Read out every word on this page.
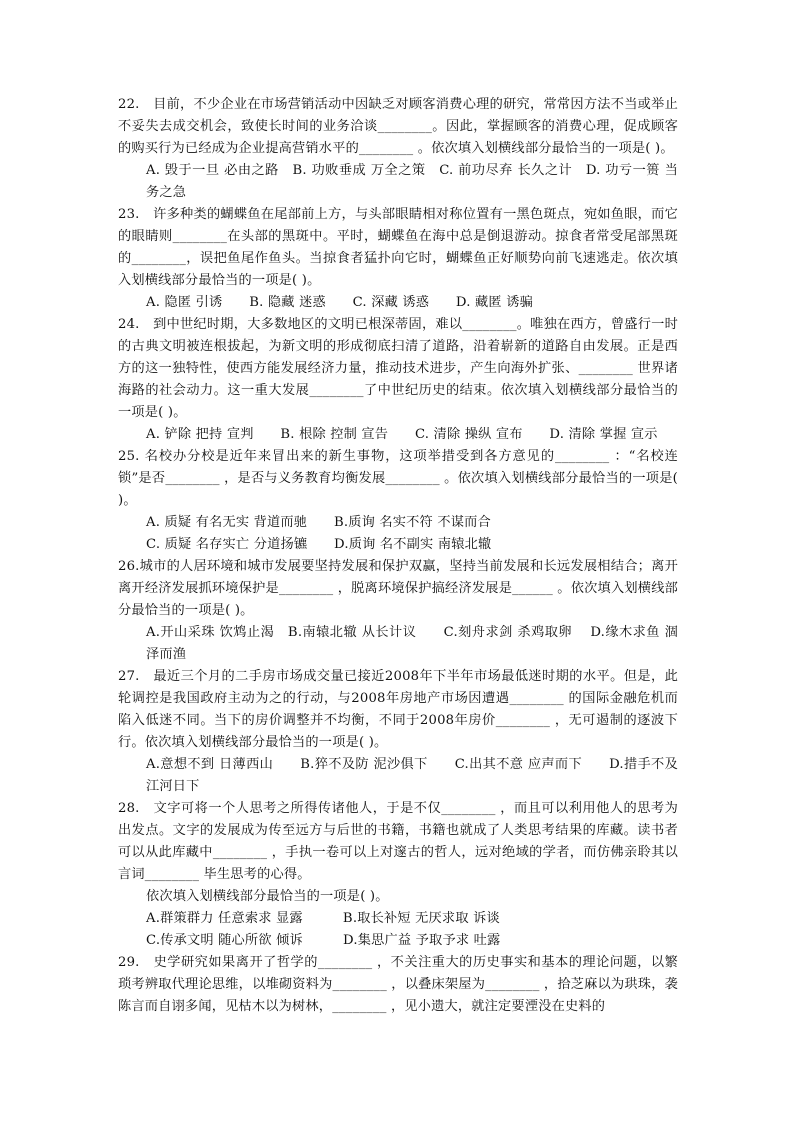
22.　目前，不少企业在市场营销活动中因缺乏对顾客消费心理的研究，常常因方法不当或举止不妥失去成交机会，致使长时间的业务洽谈________。因此，掌握顾客的消费心理，促成顾客的购买行为已经成为企业提高营销水平的________ 。依次填入划横线部分最恰当的一项是( )。

A. 毁于一旦 必由之路　B. 功败垂成 万全之策　C. 前功尽弃 长久之计　D. 功亏一篑 当务之急

23.　许多种类的蝴蝶鱼在尾部前上方，与头部眼睛相对称位置有一黑色斑点，宛如鱼眼，而它的眼睛则________在头部的黑斑中。平时，蝴蝶鱼在海中总是倒退游动。掠食者常受尾部黑斑的________，误把鱼尾作鱼头。当掠食者猛扑向它时，蝴蝶鱼正好顺势向前飞速逃走。依次填入划横线部分最恰当的一项是( )。

A. 隐匿 引诱　　B. 隐藏 迷惑　　C. 深藏 诱惑　　D. 藏匿 诱骗

24.　到中世纪时期，大多数地区的文明已根深蒂固，难以________。唯独在西方，曾盛行一时的古典文明被连根拔起，为新文明的形成彻底扫清了道路，沿着崭新的道路自由发展。正是西方的这一独特性，使西方能发展经济力量，推动技术进步，产生向海外扩张、________ 世界诸海路的社会动力。这一重大发展________了中世纪历史的结束。依次填入划横线部分最恰当的一项是( )。

A. 铲除 把持 宣判　　B. 根除 控制 宣告　　C. 清除 操纵 宣布　　D. 清除 掌握 宣示

25. 名校办分校是近年来冒出来的新生事物，这项举措受到各方意见的________ ：“名校连锁”是否________ ，是否与义务教育均衡发展________ 。依次填入划横线部分最恰当的一项是( )。

A. 质疑 有名无实 背道而驰　　B.质询 名实不符 不谋而合

C. 质疑 名存实亡 分道扬镳　　D.质询 名不副实 南辕北辙

26.城市的人居环境和城市发展要坚持发展和保护双赢，坚持当前发展和长远发展相结合；离开离开经济发展抓环境保护是________ ，脱离环境保护搞经济发展是______ 。依次填入划横线部分最恰当的一项是( )。

A.开山采珠 饮鸩止渴　B.南辕北辙 从长计议　　C.刻舟求剑 杀鸡取卵　 D.缘木求鱼 涸泽而渔

27.　最近三个月的二手房市场成交量已接近2008年下半年市场最低迷时期的水平。但是，此轮调控是我国政府主动为之的行动，与2008年房地产市场因遭遇________ 的国际金融危机而陷入低迷不同。当下的房价调整并不均衡，不同于2008年房价________ ，无可遏制的逐波下行。依次填入划横线部分最恰当的一项是( )。

A.意想不到 日薄西山　　B.猝不及防 泥沙俱下　　C.出其不意 应声而下　　D.措手不及 江河日下

28.　文字可将一个人思考之所得传诸他人，于是不仅________ ，而且可以利用他人的思考为出发点。文字的发展成为传至远方与后世的书籍，书籍也就成了人类思考结果的库藏。读书者可以从此库藏中________ ，手执一卷可以上对邃古的哲人，远对绝域的学者，而仿佛亲聆其以言词________ 毕生思考的心得。

依次填入划横线部分最恰当的一项是( )。

A.群策群力 任意索求 显露　　　B.取长补短 无厌求取 诉谈

C.传承文明 随心所欲 倾诉　　　D.集思广益 予取予求 吐露

29.　史学研究如果离开了哲学的________ ，不关注重大的历史事实和基本的理论问题，以繁琐考辨取代理论思维，以堆砌资料为________ ，以叠床架屋为________ ，拾芝麻以为珙珠，袭陈言而自诩多闻，见枯木以为树林，________ ，见小遗大，就注定要湮没在史料的
